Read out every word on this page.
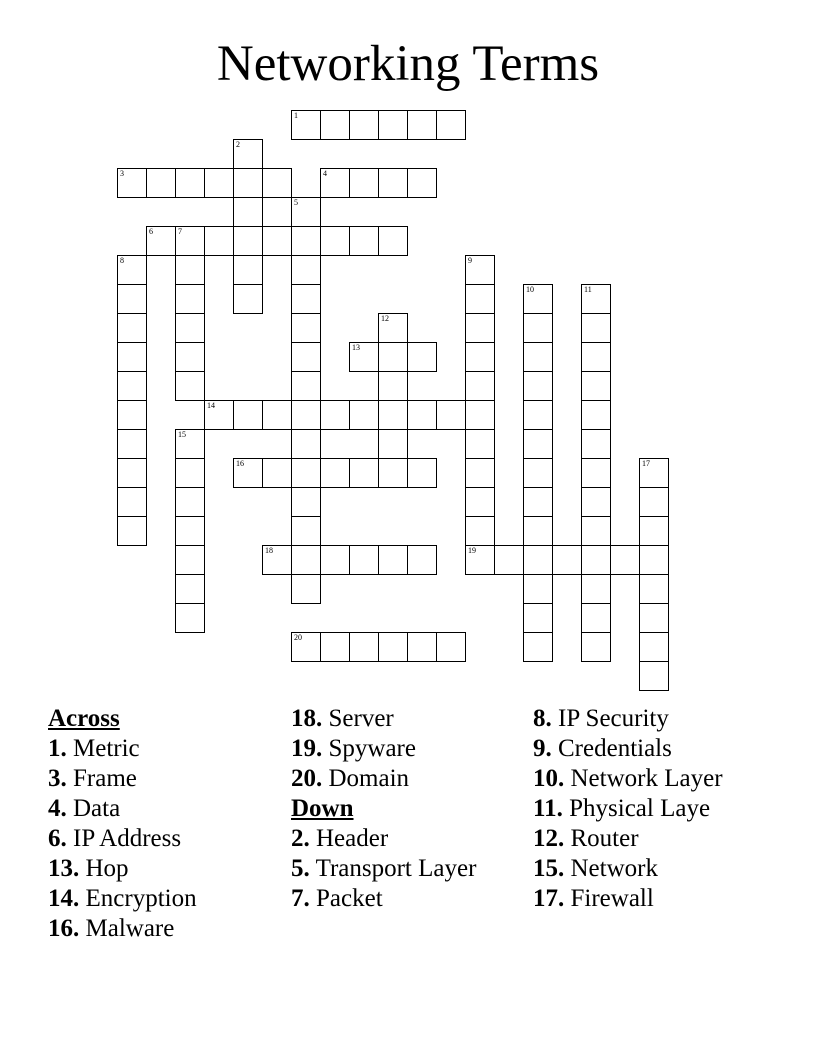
Networking Terms
1
2
3	4
5
6	7
8	9
19
10	11
12
13
14
15
16	17
18
20
Across
1. Metric
3. Frame
4. Data
6. IP Address
13. Hop
14. Encryption
16. Malware
18. Server
19. Spyware
20. Domain
Down
2. Header
5. Transport Layer
7. Packet
8. IP Security
9. Credentials
10. Network Layer
11. Physical Laye
12. Router
15. Network
17. Firewall
